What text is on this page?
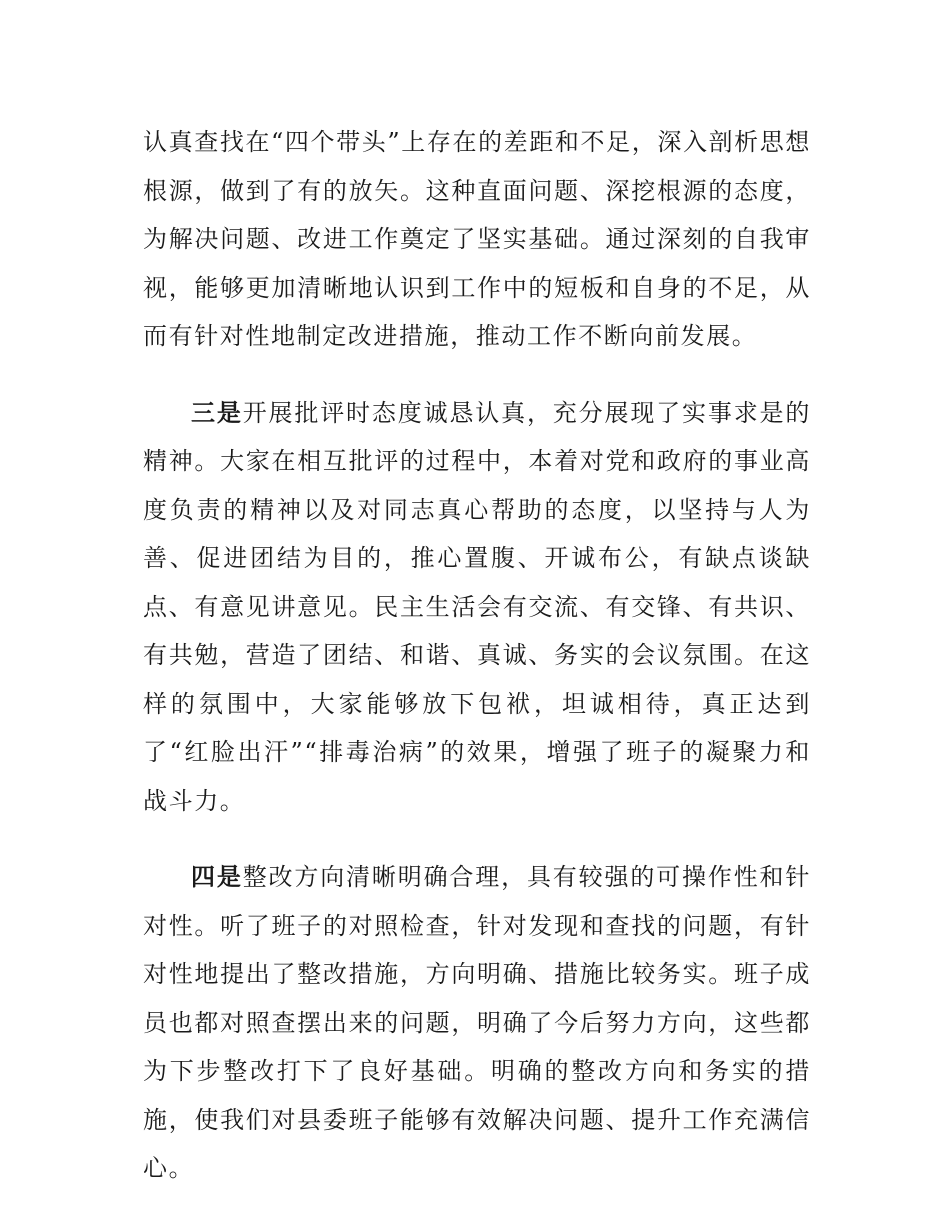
认真查找在“四个带头”上存在的差距和不足，深入剖析思想根源，做到了有的放矢。这种直面问题、深挖根源的态度，为解决问题、改进工作奠定了坚实基础。通过深刻的自我审视，能够更加清晰地认识到工作中的短板和自身的不足，从而有针对性地制定改进措施，推动工作不断向前发展。

三是开展批评时态度诚恳认真，充分展现了实事求是的精神。大家在相互批评的过程中，本着对党和政府的事业高度负责的精神以及对同志真心帮助的态度，以坚持与人为善、促进团结为目的，推心置腹、开诚布公，有缺点谈缺点、有意见讲意见。民主生活会有交流、有交锋、有共识、有共勉，营造了团结、和谐、真诚、务实的会议氛围。在这样的氛围中，大家能够放下包袱，坦诚相待，真正达到了“红脸出汗”“排毒治病”的效果，增强了班子的凝聚力和战斗力。

四是整改方向清晰明确合理，具有较强的可操作性和针对性。听了班子的对照检查，针对发现和查找的问题，有针对性地提出了整改措施，方向明确、措施比较务实。班子成员也都对照查摆出来的问题，明确了今后努力方向，这些都为下步整改打下了良好基础。明确的整改方向和务实的措施，使我们对县委班子能够有效解决问题、提升工作充满信心。
